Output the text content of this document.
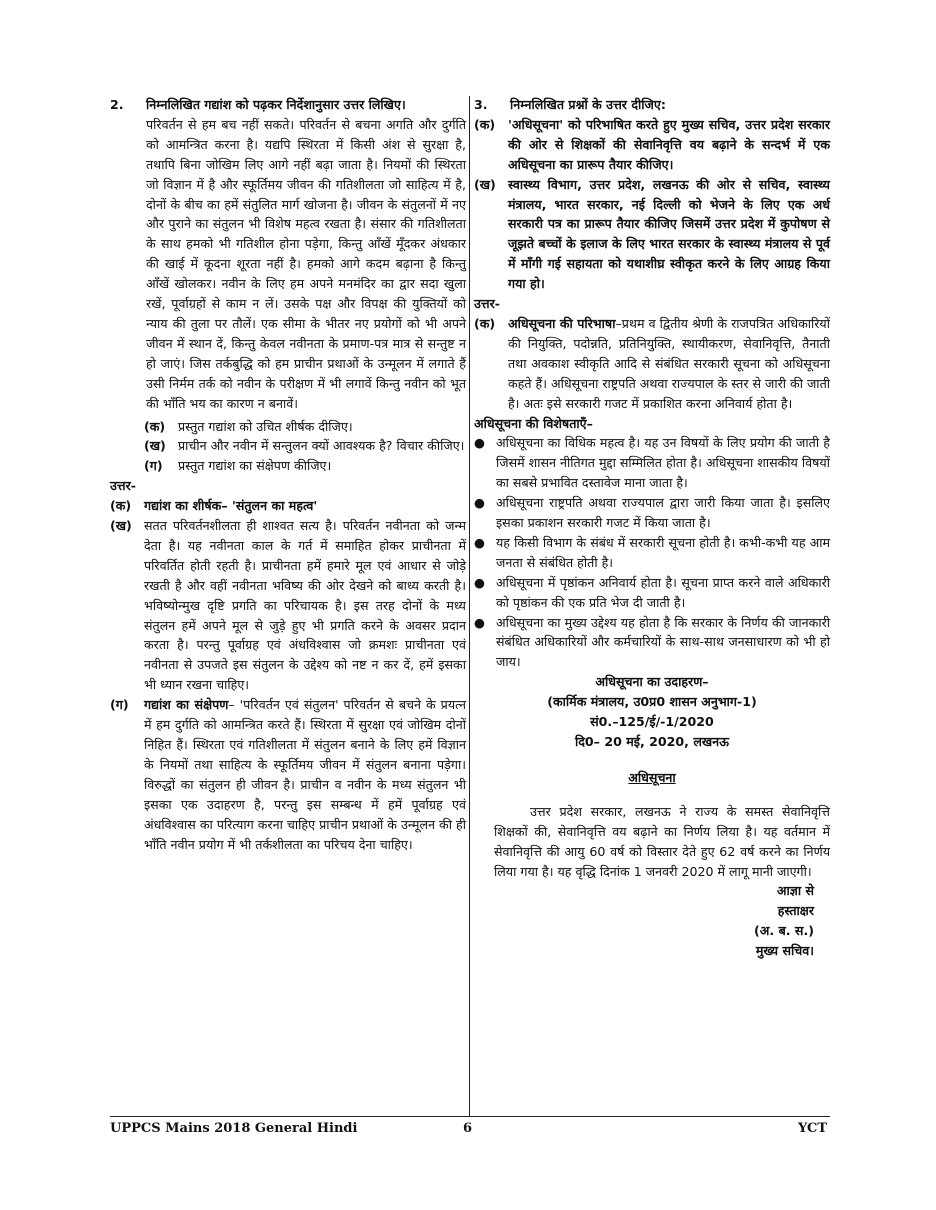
2.	निम्नलिखित गद्यांश को पढ़कर निर्देशानुसार उत्तर लिखिए।
परिवर्तन से हम बच नहीं सकते। परिवर्तन से बचना अगति और दुर्गति को आमन्त्रित करना है। यद्यपि स्थिरता में किसी अंश से सुरक्षा है, तथापि बिना जोखिम लिए आगे नहीं बढ़ा जाता है। नियमों की स्थिरता जो विज्ञान में है और स्फूर्तिमय जीवन की गतिशीलता जो साहित्य में है, दोनों के बीच का हमें संतुलित मार्ग खोजना है। जीवन के संतुलनों में नए और पुराने का संतुलन भी विशेष महत्व रखता है। संसार की गतिशीलता के साथ हमको भी गतिशील होना पड़ेगा, किन्तु आँखें मूँदकर अंधकार की खाई में कूदना शूरता नहीं है। हमको आगे कदम बढ़ाना है किन्तु आँखें खोलकर। नवीन के लिए हम अपने मनमंदिर का द्वार सदा खुला रखें, पूर्वाग्रहों से काम न लें। उसके पक्ष और विपक्ष की युक्तियों को न्याय की तुला पर तौलें। एक सीमा के भीतर नए प्रयोगों को भी अपने जीवन में स्थान दें, किन्तु केवल नवीनता के प्रमाण-पत्र मात्र से सन्तुष्ट न हो जाएं। जिस तर्कबुद्धि को हम प्राचीन प्रथाओं के उन्मूलन में लगाते हैं उसी निर्मम तर्क को नवीन के परीक्षण में भी लगावें किन्तु नवीन को भूत की भाँति भय का कारण न बनावें।
(क)	प्रस्तुत गद्यांश को उचित शीर्षक दीजिए।
(ख) प्राचीन और नवीन में सन्तुलन क्यों आवश्यक है? विचार कीजिए।
(ग)	प्रस्तुत गद्यांश का संक्षेपण कीजिए।
उत्तर-
(क)	गद्यांश का शीर्षक– 'संतुलन का महत्व'
(ख) सतत परिवर्तनशीलता ही शाश्वत सत्य है। परिवर्तन नवीनता को जन्म देता है। यह नवीनता काल के गर्त में समाहित होकर प्राचीनता में परिवर्तित होती रहती है। प्राचीनता हमें हमारे मूल एवं आधार से जोड़े रखती है और वहीं नवीनता भविष्य की ओर देखने को बाध्य करती है। भविष्योन्मुख दृष्टि प्रगति का परिचायक है। इस तरह दोनों के मध्य संतुलन हमें अपने मूल से जुड़े हुए भी प्रगति करने के अवसर प्रदान करता है। परन्तु पूर्वाग्रह एवं अंधविश्वास जो क्रमशः प्राचीनता एवं नवीनता से उपजते इस संतुलन के उद्देश्य को नष्ट न कर दें, हमें इसका भी ध्यान रखना चाहिए।
(ग)	गद्यांश का संक्षेपण– 'परिवर्तन एवं संतुलन' परिवर्तन से बचने के प्रयत्न में हम दुर्गति को आमन्त्रित करते हैं। स्थिरता में सुरक्षा एवं जोखिम दोनों निहित हैं। स्थिरता एवं गतिशीलता में संतुलन बनाने के लिए हमें विज्ञान के नियमों तथा साहित्य के स्फूर्तिमय जीवन में संतुलन बनाना पड़ेगा। विरुद्धों का संतुलन ही जीवन है। प्राचीन व नवीन के मध्य संतुलन भी इसका एक उदाहरण है, परन्तु इस सम्बन्ध में हमें पूर्वाग्रह एवं अंधविश्वास का परित्याग करना चाहिए प्राचीन प्रथाओं के उन्मूलन की ही भाँति नवीन प्रयोग में भी तर्कशीलता का परिचय देना चाहिए।
3.	निम्नलिखित प्रश्नों के उत्तर दीजिए:
(क)	'अधिसूचना' को परिभाषित करते हुए मुख्य सचिव, उत्तर प्रदेश सरकार की ओर से शिक्षकों की सेवानिवृत्ति वय बढ़ाने के सन्दर्भ में एक अधिसूचना का प्रारूप तैयार कीजिए।
(ख) स्वास्थ्य विभाग, उत्तर प्रदेश, लखनऊ की ओर से सचिव, स्वास्थ्य मंत्रालय, भारत सरकार, नई दिल्ली को भेजने के लिए एक अर्ध सरकारी पत्र का प्रारूप तैयार कीजिए जिसमें उत्तर प्रदेश में कुपोषण से जूझते बच्चों के इलाज के लिए भारत सरकार के स्वास्थ्य मंत्रालय से पूर्व में माँगी गई सहायता को यथाशीघ्र स्वीकृत करने के लिए आग्रह किया गया हो।
उत्तर-
(क)	अधिसूचना की परिभाषा–प्रथम व द्वितीय श्रेणी के राजपत्रित अधिकारियों की नियुक्ति, पदोन्नति, प्रतिनियुक्ति, स्थायीकरण, सेवानिवृत्ति, तैनाती तथा अवकाश स्वीकृति आदि से संबंधित सरकारी सूचना को अधिसूचना कहते हैं। अधिसूचना राष्ट्रपति अथवा राज्यपाल के स्तर से जारी की जाती है। अतः इसे सरकारी गजट में प्रकाशित करना अनिवार्य होता है।
अधिसूचना की विशेषताएँ–
● अधिसूचना का विधिक महत्व है। यह उन विषयों के लिए प्रयोग की जाती है जिसमें शासन नीतिगत मुद्दा सम्मिलित होता है। अधिसूचना शासकीय विषयों का सबसे प्रभावित दस्तावेज माना जाता है।
● अधिसूचना राष्ट्रपति अथवा राज्यपाल द्वारा जारी किया जाता है। इसलिए इसका प्रकाशन सरकारी गजट में किया जाता है।
● यह किसी विभाग के संबंध में सरकारी सूचना होती है। कभी-कभी यह आम जनता से संबंधित होती है।
● अधिसूचना में पृष्ठांकन अनिवार्य होता है। सूचना प्राप्त करने वाले अधिकारी को पृष्ठांकन की एक प्रति भेज दी जाती है।
● अधिसूचना का मुख्य उद्देश्य यह होता है कि सरकार के निर्णय की जानकारी संबंधित अधिकारियों और कर्मचारियों के साथ-साथ जनसाधारण को भी हो जाय।
अधिसूचना का उदाहरण–
(कार्मिक मंत्रालय, उ0प्र0 शासन अनुभाग-1)
सं0.–125/ई/-1/2020
दि0– 20 मई, 2020, लखनऊ
अधिसूचना
उत्तर प्रदेश सरकार, लखनऊ ने राज्य के समस्त सेवानिवृत्ति शिक्षकों की, सेवानिवृत्ति वय बढ़ाने का निर्णय लिया है। यह वर्तमान में सेवानिवृत्ति की आयु 60 वर्ष को विस्तार देते हुए 62 वर्ष करने का निर्णय लिया गया है। यह वृद्धि दिनांक 1 जनवरी 2020 में लागू मानी जाएगी।
आज्ञा से
हस्ताक्षर
(अ. ब. स.)
मुख्य सचिव।
UPPCS Mains 2018 General Hindi	6	YCT
